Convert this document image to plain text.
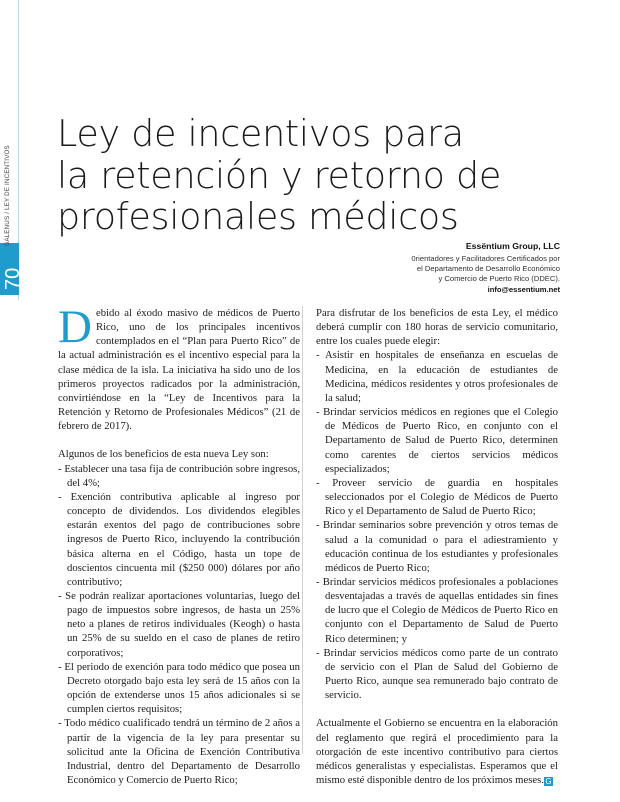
SALENUS / LEY DE INCENTIVOS
70
Ley de incentivos para
la retención y retorno de
profesionales médicos
Essëntium Group, LLC
0rientadores y Facilitadores Certificados por
el Departamento de Desarrollo Económico
y Comercio de Puerto Rico (DDEC).
info@essentium.net

Debido al éxodo masivo de médicos de Puerto Rico, uno de los principales incentivos contemplados en el “Plan para Puerto Rico” de la actual administración es el incentivo especial para la clase médica de la isla. La iniciativa ha sido uno de los primeros proyectos radicados por la administración, convirtiéndose en la “Ley de Incentivos para la Retención y Retorno de Profesionales Médicos” (21 de febrero de 2017).

Algunos de los beneficios de esta nueva Ley son:

- Establecer una tasa fija de contribución sobre ingresos, del 4%;

- Exención contributiva aplicable al ingreso por concepto de dividendos. Los dividendos elegibles estarán exentos del pago de contribuciones sobre ingresos de Puerto Rico, incluyendo la contribución básica alterna en el Código, hasta un tope de doscientos cincuenta mil ($250 000) dólares por año contributivo;

- Se podrán realizar aportaciones voluntarias, luego del pago de impuestos sobre ingresos, de hasta un 25% neto a planes de retiros individuales (Keogh) o hasta un 25% de su sueldo en el caso de planes de retiro corporativos;

- El periodo de exención para todo médico que posea un Decreto otorgado bajo esta ley será de 15 años con la opción de extenderse unos 15 años adicionales si se cumplen ciertos requisitos;

- Todo médico cualificado tendrá un término de 2 años a partir de la vigencia de la ley para presentar su solicitud ante la Oficina de Exención Contributiva Industrial, dentro del Departamento de Desarrollo Económico y Comercio de Puerto Rico;

Para disfrutar de los beneficios de esta Ley, el médico deberá cumplir con 180 horas de servicio comunitario, entre los cuales puede elegir:

- Asistir en hospitales de enseñanza en escuelas de Medicina, en la educación de estudiantes de Medicina, médicos residentes y otros profesionales de la salud;

- Brindar servicios médicos en regiones que el Colegio de Médicos de Puerto Rico, en conjunto con el Departamento de Salud de Puerto Rico, determinen como carentes de ciertos servicios médicos especializados;

- Proveer servicio de guardia en hospitales seleccionados por el Colegio de Médicos de Puerto Rico y el Departamento de Salud de Puerto Rico;

- Brindar seminarios sobre prevención y otros temas de salud a la comunidad o para el adiestramiento y educación continua de los estudiantes y profesionales médicos de Puerto Rico;

- Brindar servicios médicos profesionales a poblaciones desventajadas a través de aquellas entidades sin fines de lucro que el Colegio de Médicos de Puerto Rico en conjunto con el Departamento de Salud de Puerto Rico determinen; y

- Brindar servicios médicos como parte de un contrato de servicio con el Plan de Salud del Gobierno de Puerto Rico, aunque sea remunerado bajo contrato de servicio.

Actualmente el Gobierno se encuentra en la elaboración del reglamento que regirá el procedimiento para la otorgación de este incentivo contributivo para ciertos médicos generalistas y especialistas. Esperamos que el mismo esté disponible dentro de los próximos meses.G
